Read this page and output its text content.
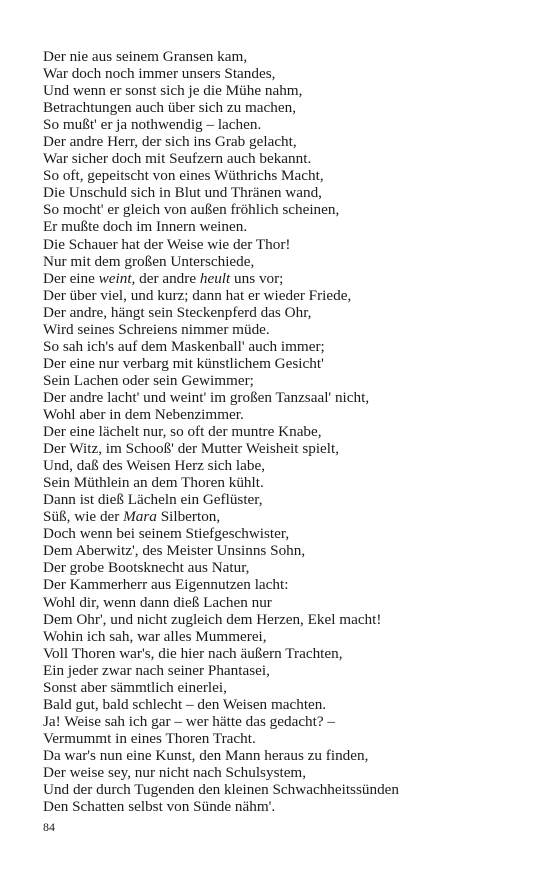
Der nie aus seinem Gransen kam,
War doch noch immer unsers Standes,
Und wenn er sonst sich je die Mühe nahm,
Betrachtungen auch über sich zu machen,
So mußt' er ja nothwendig – lachen.
Der andre Herr, der sich ins Grab gelacht,
War sicher doch mit Seufzern auch bekannt.
So oft, gepeitscht von eines Wüthrichs Macht,
Die Unschuld sich in Blut und Thränen wand,
So mocht' er gleich von außen fröhlich scheinen,
Er mußte doch im Innern weinen.
Die Schauer hat der Weise wie der Thor!
Nur mit dem großen Unterschiede,
Der eine weint, der andre heult uns vor;
Der über viel, und kurz; dann hat er wieder Friede,
Der andre, hängt sein Steckenpferd das Ohr,
Wird seines Schreiens nimmer müde.
So sah ich's auf dem Maskenball' auch immer;
Der eine nur verbarg mit künstlichem Gesicht'
Sein Lachen oder sein Gewimmer;
Der andre lacht' und weint' im großen Tanzsaal' nicht,
Wohl aber in dem Nebenzimmer.
Der eine lächelt nur, so oft der muntre Knabe,
Der Witz, im Schooß' der Mutter Weisheit spielt,
Und, daß des Weisen Herz sich labe,
Sein Müthlein an dem Thoren kühlt.
Dann ist dieß Lächeln ein Geflüster,
Süß, wie der Mara Silberton,
Doch wenn bei seinem Stiefgeschwister,
Dem Aberwitz', des Meister Unsinns Sohn,
Der grobe Bootsknecht aus Natur,
Der Kammerherr aus Eigennutzen lacht:
Wohl dir, wenn dann dieß Lachen nur
Dem Ohr', und nicht zugleich dem Herzen, Ekel macht!
Wohin ich sah, war alles Mummerei,
Voll Thoren war's, die hier nach äußern Trachten,
Ein jeder zwar nach seiner Phantasei,
Sonst aber sämmtlich einerlei,
Bald gut, bald schlecht – den Weisen machten.
Ja! Weise sah ich gar – wer hätte das gedacht? –
Vermummt in eines Thoren Tracht.
Da war's nun eine Kunst, den Mann heraus zu finden,
Der weise sey, nur nicht nach Schulsystem,
Und der durch Tugenden den kleinen Schwachheitssünden
Den Schatten selbst von Sünde nähm'.
84
